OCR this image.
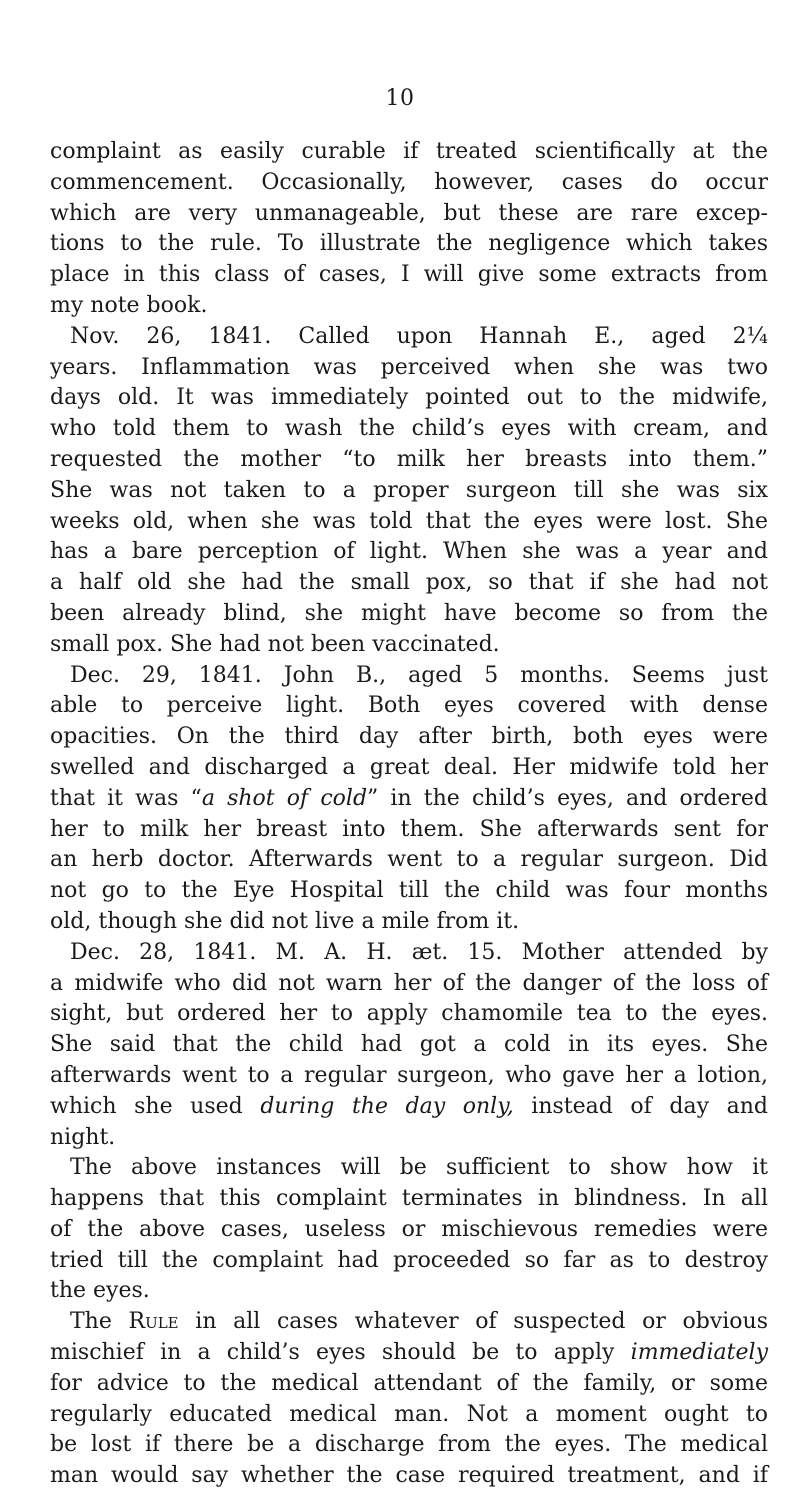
10
complaint as easily curable if treated scientifically at the
commencement. Occasionally, however, cases do occur
which are very unmanageable, but these are rare excep-
tions to the rule. To illustrate the negligence which takes
place in this class of cases, I will give some extracts from
my note book.
Nov. 26, 1841. Called upon Hannah E., aged 2¼
years. Inflammation was perceived when she was two
days old. It was immediately pointed out to the midwife,
who told them to wash the child’s eyes with cream, and
requested the mother “to milk her breasts into them.”
She was not taken to a proper surgeon till she was six
weeks old, when she was told that the eyes were lost. She
has a bare perception of light. When she was a year and
a half old she had the small pox, so that if she had not
been already blind, she might have become so from the
small pox. She had not been vaccinated.
Dec. 29, 1841. John B., aged 5 months. Seems just
able to perceive light. Both eyes covered with dense
opacities. On the third day after birth, both eyes were
swelled and discharged a great deal. Her midwife told her
that it was “a shot of cold” in the child’s eyes, and ordered
her to milk her breast into them. She afterwards sent for
an herb doctor. Afterwards went to a regular surgeon. Did
not go to the Eye Hospital till the child was four months
old, though she did not live a mile from it.
Dec. 28, 1841. M. A. H. æt. 15. Mother attended by
a midwife who did not warn her of the danger of the loss of
sight, but ordered her to apply chamomile tea to the eyes.
She said that the child had got a cold in its eyes. She
afterwards went to a regular surgeon, who gave her a lotion,
which she used during the day only, instead of day and
night.
The above instances will be sufficient to show how it
happens that this complaint terminates in blindness. In all
of the above cases, useless or mischievous remedies were
tried till the complaint had proceeded so far as to destroy
the eyes.
The Rule in all cases whatever of suspected or obvious
mischief in a child’s eyes should be to apply immediately
for advice to the medical attendant of the family, or some
regularly educated medical man. Not a moment ought to
be lost if there be a discharge from the eyes. The medical
man would say whether the case required treatment, and if
